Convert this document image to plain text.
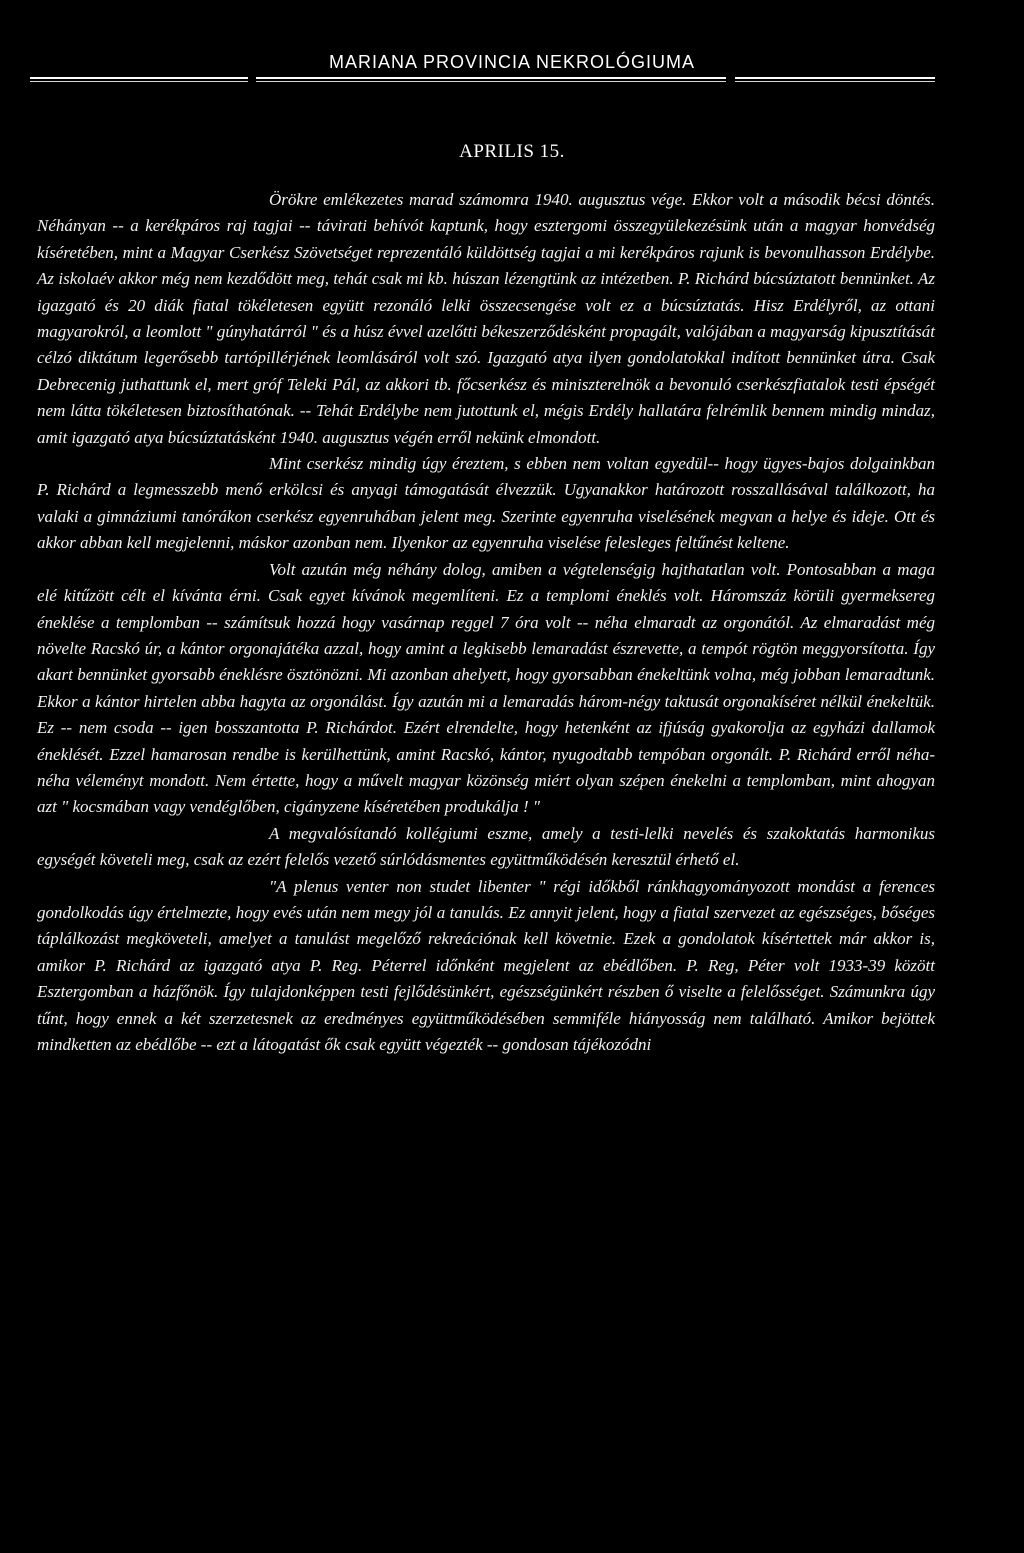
MARIANA PROVINCIA NEKROLÓGIUMA
APRILIS 15.

Örökre emlékezetes marad számomra 1940. augusztus vége. Ekkor volt a második bécsi döntés. Néhányan -- a kerékpáros raj tagjai -- távirati behívót kaptunk, hogy esztergomi összegyülekezésünk után a magyar honvédség kíséretében, mint a Magyar Cserkész Szövetséget reprezentáló küldöttség tagjai a mi kerékpáros rajunk is bevonulhasson Erdélybe. Az iskolaév akkor még nem kezdődött meg, tehát csak mi kb. húszan lézengtünk az intézetben. P. Richárd búcsúztatott bennünket. Az igazgató és 20 diák fiatal tökéletesen együtt rezonáló lelki összecsengése volt ez a búcsúztatás. Hisz Erdélyről, az ottani magyarokról, a leomlott " gúnyhatárról " és a húsz évvel azelőtti békeszerződésként propagált, valójában a magyarság kipusztítását célzó diktátum legerősebb tartópillérjének leomlásáról volt szó. Igazgató atya ilyen gondolatokkal indított bennünket útra. Csak Debrecenig juthattunk el, mert gróf Teleki Pál, az akkori tb. főcserkész és miniszterelnök a bevonuló cserkészfiatalok testi épségét nem látta tökéletesen biztosíthatónak. -- Tehát Erdélybe nem jutottunk el, mégis Erdély hallatára felrémlik bennem mindig mindaz, amit igazgató atya búcsúztatásként 1940. augusztus végén erről nekünk elmondott.

Mint cserkész mindig úgy éreztem, s ebben nem voltan egyedül-- hogy ügyes-bajos dolgainkban P. Richárd a legmesszebb menő erkölcsi és anyagi támogatását élvezzük. Ugyanakkor határozott rosszallásával találkozott, ha valaki a gimnáziumi tanórákon cserkész egyenruhában jelent meg. Szerinte egyenruha viselésének megvan a helye és ideje. Ott és akkor abban kell megjelenni, máskor azonban nem. Ilyenkor az egyenruha viselése felesleges feltűnést keltene.

Volt azután még néhány dolog, amiben a végtelenségig hajthatatlan volt. Pontosabban a maga elé kitűzött célt el kívánta érni. Csak egyet kívánok megemlíteni. Ez a templomi éneklés volt. Háromszáz körüli gyermeksereg éneklése a templomban -- számítsuk hozzá hogy vasárnap reggel 7 óra volt -- néha elmaradt az orgonától. Az elmaradást még növelte Racskó úr, a kántor orgonajátéka azzal, hogy amint a legkisebb lemaradást észrevette, a tempót rögtön meggyorsította. Így akart bennünket gyorsabb éneklésre ösztönözni. Mi azonban ahelyett, hogy gyorsabban énekeltünk volna, még jobban lemaradtunk. Ekkor a kántor hirtelen abba hagyta az orgonálást. Így azután mi a lemaradás három-négy taktusát orgonakíséret nélkül énekeltük. Ez -- nem csoda -- igen bosszantotta P. Richárdot. Ezért elrendelte, hogy hetenként az ifjúság gyakorolja az egyházi dallamok éneklését. Ezzel hamarosan rendbe is kerülhettünk, amint Racskó, kántor, nyugodtabb tempóban orgonált. P. Richárd erről néha-néha véleményt mondott. Nem értette, hogy a művelt magyar közönség miért olyan szépen énekelni a templomban, mint ahogyan azt " kocsmában vagy vendéglőben, cigányzene kíséretében produkálja ! "

A megvalósítandó kollégiumi eszme, amely a testi-lelki nevelés és szakoktatás harmonikus egységét követeli meg, csak az ezért felelős vezető súrlódásmentes együttműködésén keresztül érhető el.

"A plenus venter non studet libenter " régi időkből ránkhagyományozott mondást a ferences gondolkodás úgy értelmezte, hogy evés után nem megy jól a tanulás. Ez annyit jelent, hogy a fiatal szervezet az egészséges, bőséges táplálkozást megköveteli, amelyet a tanulást megelőző rekreációnak kell követnie. Ezek a gondolatok kísértettek már akkor is, amikor P. Richárd az igazgató atya P. Reg. Péterrel időnként megjelent az ebédlőben. P. Reg, Péter volt 1933-39 között Esztergomban a házfőnök. Így tulajdonképpen testi fejlődésünkért, egészségünkért részben ő viselte a felelősséget. Számunkra úgy tűnt, hogy ennek a két szerzetesnek az eredményes együttműködésében semmiféle hiányosság nem található. Amikor bejöttek mindketten az ebédlőbe -- ezt a látogatást ők csak együtt végezték -- gondosan tájékozódni
